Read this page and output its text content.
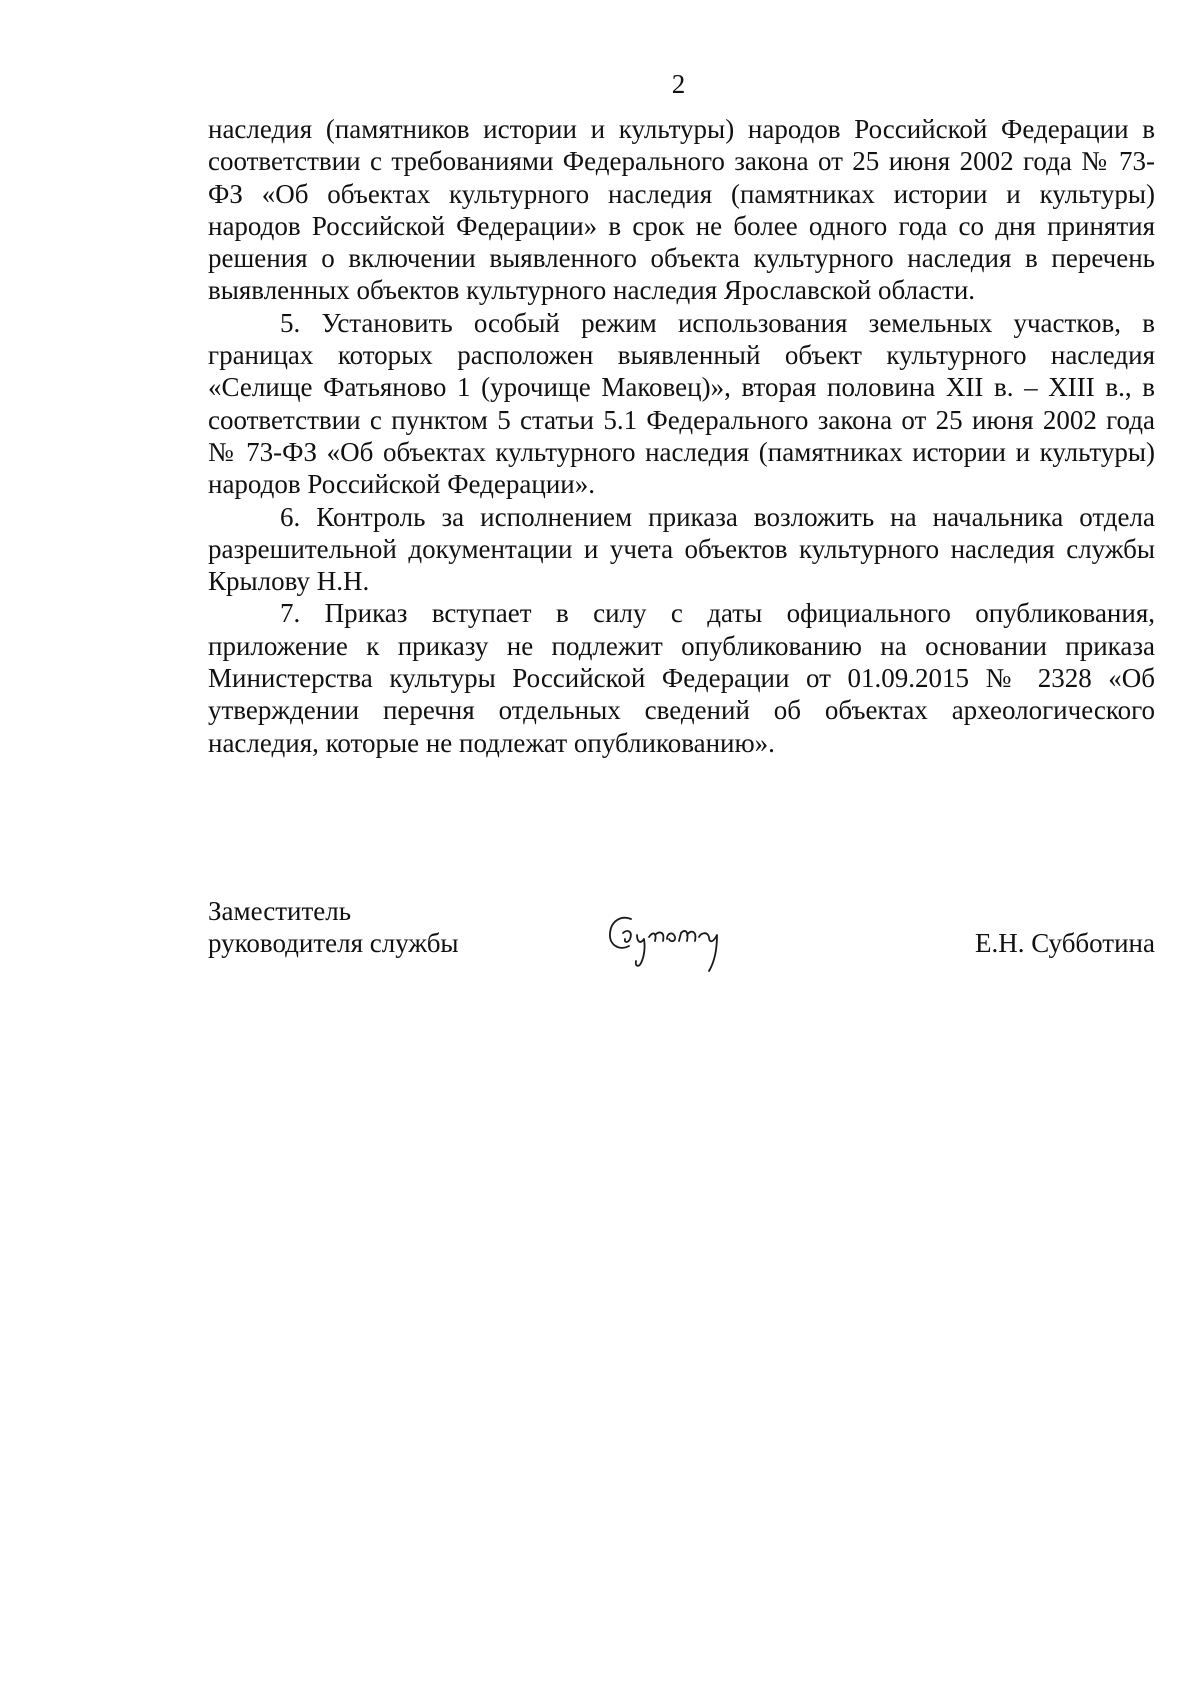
2

наследия (памятников истории и культуры) народов Российской Федерации в соответствии с требованиями Федерального закона от 25 июня 2002 года № 73-ФЗ «Об объектах культурного наследия (памятниках истории и культуры) народов Российской Федерации» в срок не более одного года со дня принятия решения о включении выявленного объекта культурного наследия в перечень выявленных объектов культурного наследия Ярославской области.

5. Установить особый режим использования земельных участков, в границах которых расположен выявленный объект культурного наследия «Селище Фатьяново 1 (урочище Маковец)», вторая половина XII в. – XIII в., в соответствии с пунктом 5 статьи 5.1 Федерального закона от 25 июня 2002 года № 73-ФЗ «Об объектах культурного наследия (памятниках истории и культуры) народов Российской Федерации».

6. Контроль за исполнением приказа возложить на начальника отдела разрешительной документации и учета объектов культурного наследия службы Крылову Н.Н.

7. Приказ вступает в силу с даты официального опубликования, приложение к приказу не подлежит опубликованию на основании приказа Министерства культуры Российской Федерации от 01.09.2015 № 2328 «Об утверждении перечня отдельных сведений об объектах археологического наследия, которые не подлежат опубликованию».

Заместитель
руководителя службы	Е.Н. Субботина
